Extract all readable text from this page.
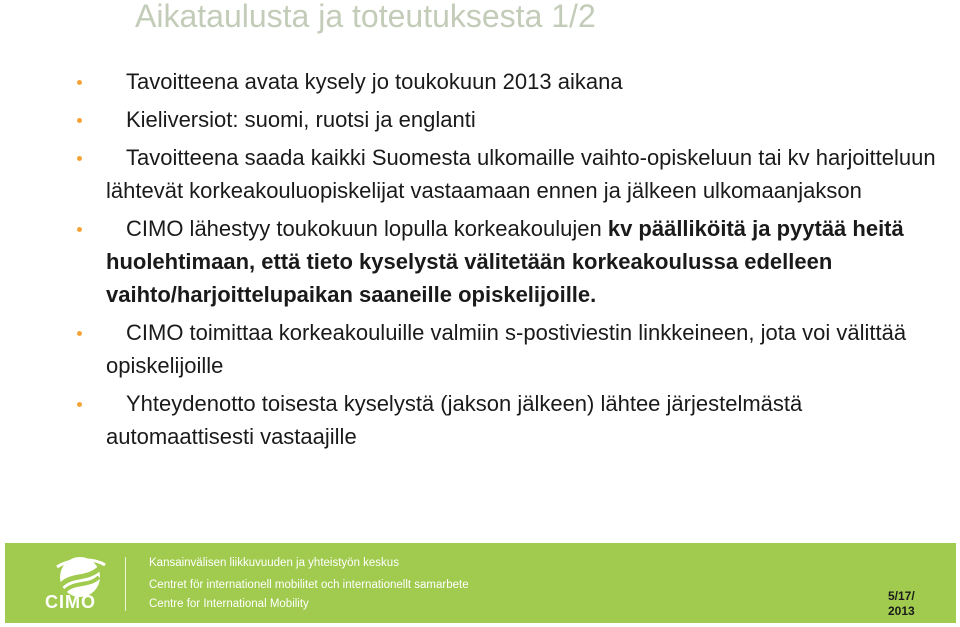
Aikataulusta ja toteutuksesta 1/2
Tavoitteena avata kysely jo toukokuun 2013 aikana
Kieliversiot: suomi, ruotsi ja englanti
Tavoitteena saada kaikki Suomesta ulkomaille vaihto-opiskeluun tai kv harjoitteluun lähtevät korkeakouluopiskelijat vastaamaan ennen ja jälkeen ulkomaanjakson
CIMO lähestyy toukokuun lopulla korkeakoulujen kv päälliköitä ja pyytää heitä huolehtimaan, että tieto kyselystä välitetään korkeakoulussa edelleen vaihto/harjoittelupaikan saaneille opiskelijoille.
CIMO toimittaa korkeakouluille valmiin s-postiviestin linkkeineen, jota voi välittää opiskelijoille
Yhteydenotto toisesta kyselystä (jakson jälkeen) lähtee järjestelmästä automaattisesti vastaajille
CIMO
Kansainvälisen liikkuvuuden ja yhteistyön keskus
Centret för internationell mobilitet och internationellt samarbete
Centre for International Mobility
5/17/ 2013
